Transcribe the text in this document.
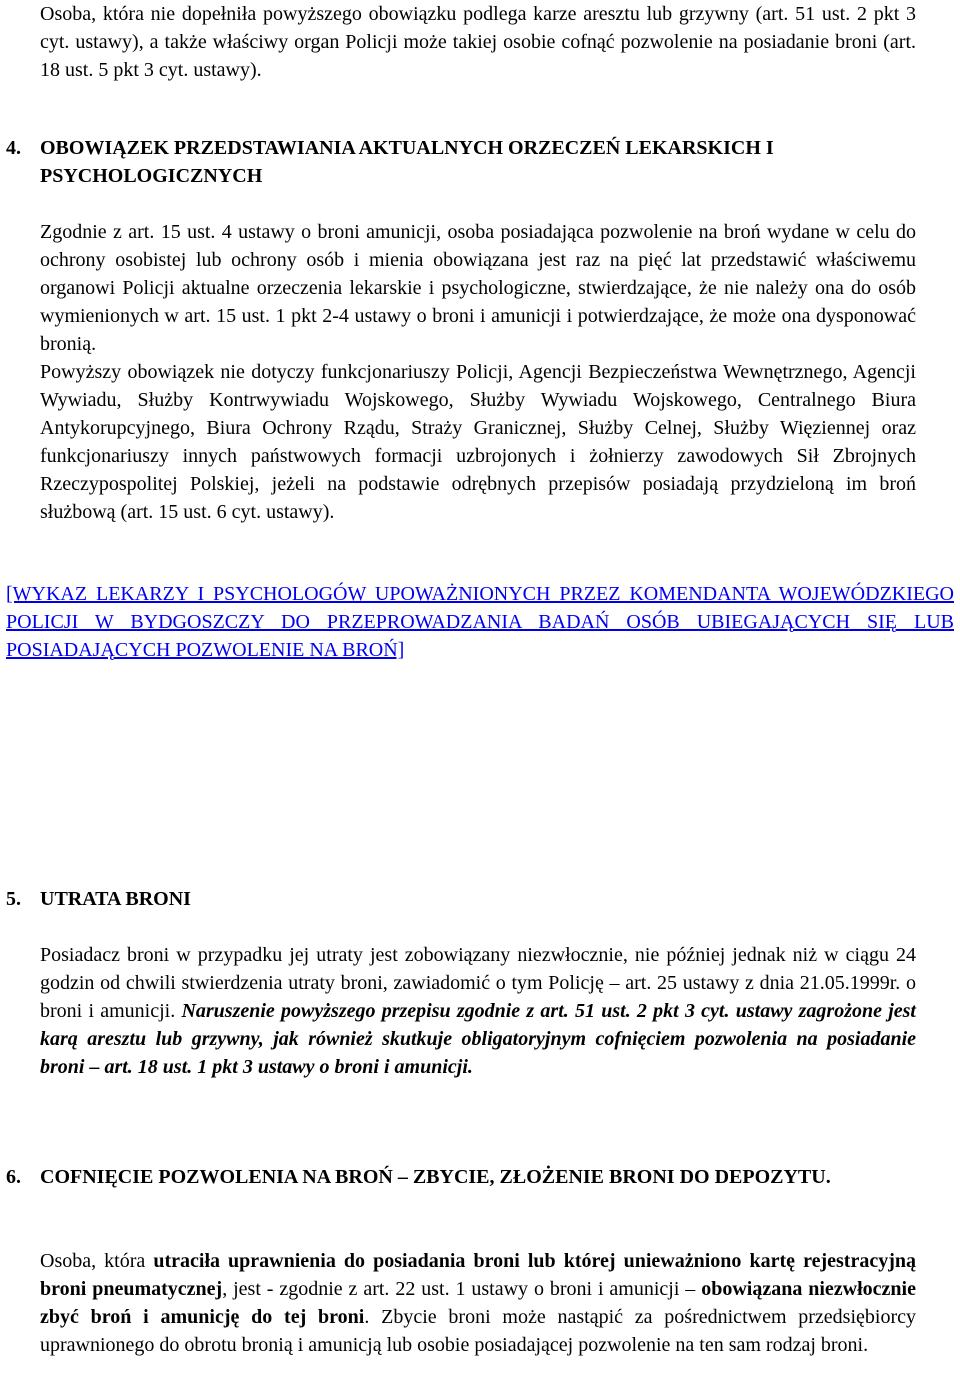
Osoba, która nie dopełniła powyższego obowiązku podlega karze aresztu lub grzywny (art. 51 ust. 2 pkt 3 cyt. ustawy), a także właściwy organ Policji może takiej osobie cofnąć pozwolenie na posiadanie broni (art. 18 ust. 5 pkt 3 cyt. ustawy).

4. OBOWIĄZEK PRZEDSTAWIANIA AKTUALNYCH ORZECZEŃ LEKARSKICH I PSYCHOLOGICZNYCH

Zgodnie z art. 15 ust. 4 ustawy o broni amunicji, osoba posiadająca pozwolenie na broń wydane w celu do ochrony osobistej lub ochrony osób i mienia obowiązana jest raz na pięć lat przedstawić właściwemu organowi Policji aktualne orzeczenia lekarskie i psychologiczne, stwierdzające, że nie należy ona do osób wymienionych w art. 15 ust. 1 pkt 2-4 ustawy o broni i amunicji i potwierdzające, że może ona dysponować bronią.

Powyższy obowiązek nie dotyczy funkcjonariuszy Policji, Agencji Bezpieczeństwa Wewnętrznego, Agencji Wywiadu, Służby Kontrwywiadu Wojskowego, Służby Wywiadu Wojskowego, Centralnego Biura Antykorupcyjnego, Biura Ochrony Rządu, Straży Granicznej, Służby Celnej, Służby Więziennej oraz funkcjonariuszy innych państwowych formacji uzbrojonych i żołnierzy zawodowych Sił Zbrojnych Rzeczypospolitej Polskiej, jeżeli na podstawie odrębnych przepisów posiadają przydzieloną im broń służbową (art. 15 ust. 6 cyt. ustawy).

[WYKAZ LEKARZY I PSYCHOLOGÓW UPOWAŻNIONYCH PRZEZ KOMENDANTA WOJEWÓDZKIEGO POLICJI W BYDGOSZCZY DO PRZEPROWADZANIA BADAŃ OSÓB UBIEGAJĄCYCH SIĘ LUB POSIADAJĄCYCH POZWOLENIE NA BROŃ]

5. UTRATA BRONI

Posiadacz broni w przypadku jej utraty jest zobowiązany niezwłocznie, nie później jednak niż w ciągu 24 godzin od chwili stwierdzenia utraty broni, zawiadomić o tym Policję – art. 25 ustawy z dnia 21.05.1999r. o broni i amunicji. Naruszenie powyższego przepisu zgodnie z art. 51 ust. 2 pkt 3 cyt. ustawy zagrożone jest karą aresztu lub grzywny, jak również skutkuje obligatoryjnym cofnięciem pozwolenia na posiadanie broni – art. 18 ust. 1 pkt 3 ustawy o broni i amunicji.

6. COFNIĘCIE POZWOLENIA NA BROŃ – ZBYCIE, ZŁOŻENIE BRONI DO DEPOZYTU.

Osoba, która utraciła uprawnienia do posiadania broni lub której unieważniono kartę rejestracyjną broni pneumatycznej, jest - zgodnie z art. 22 ust. 1 ustawy o broni i amunicji – obowiązana niezwłocznie zbyć broń i amunicję do tej broni. Zbycie broni może nastąpić za pośrednictwem przedsiębiorcy uprawnionego do obrotu bronią i amunicją lub osobie posiadającej pozwolenie na ten sam rodzaj broni.
